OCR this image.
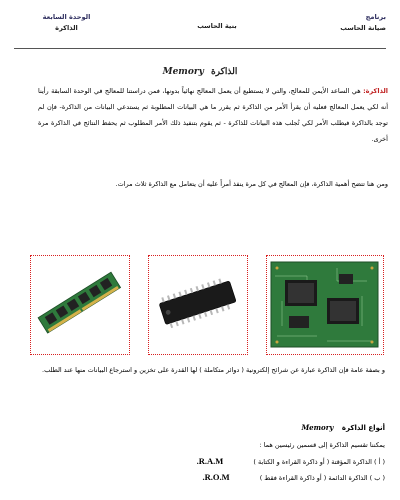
برنامج
صيانة الحاسب
بنية الحاسب
الوحدة السابعة
الذاكرة
الذاكرة Memory
الذاكرة: هي الساعد الأيمن للمعالج، والتي لا يستطيع أن يعمل المعالج نهائياً بدونها، فمن دراستنا للمعالج في الوحدة السابقة رأينا أنه لكي يعمل المعالج فعليه أن يقرأ الأمر من الذاكرة ثم يقرر ما هي البيانات المطلوبة ثم يستدعي البيانات من الذاكرة- فإن لم توجد بالذاكرة فيطلب الأمر لكي تُجلب هذه البيانات للذاكرة - ثم يقوم بتنفيذ ذلك الأمر المطلوب ثم يحفظ النتائج في الذاكرة مرة أخرى.
ومن هنا تتضح أهمية الذاكرة، فإن المعالج في كل مرة ينفذ أمراً عليه أن يتعامل مع الذاكرة ثلاث مرات.
و بصفة عامة فإن الذاكرة عبارة عن شرائح إلكترونية ( دوائر متكاملة ) لها القدرة على تخزين و استرجاع البيانات منها عند الطلب.
أنواع الذاكرة Memory
يمكننا تقسيم الذاكرة إلى قسمين رئيسين هما :
( أ ) الذاكرة المؤقتة ( أو ذاكرة القراءة و الكتابة ) R.A.M.
( ب ) الذاكرة الدائمة ( أو ذاكرة القراءة فقط ) R.O.M.
